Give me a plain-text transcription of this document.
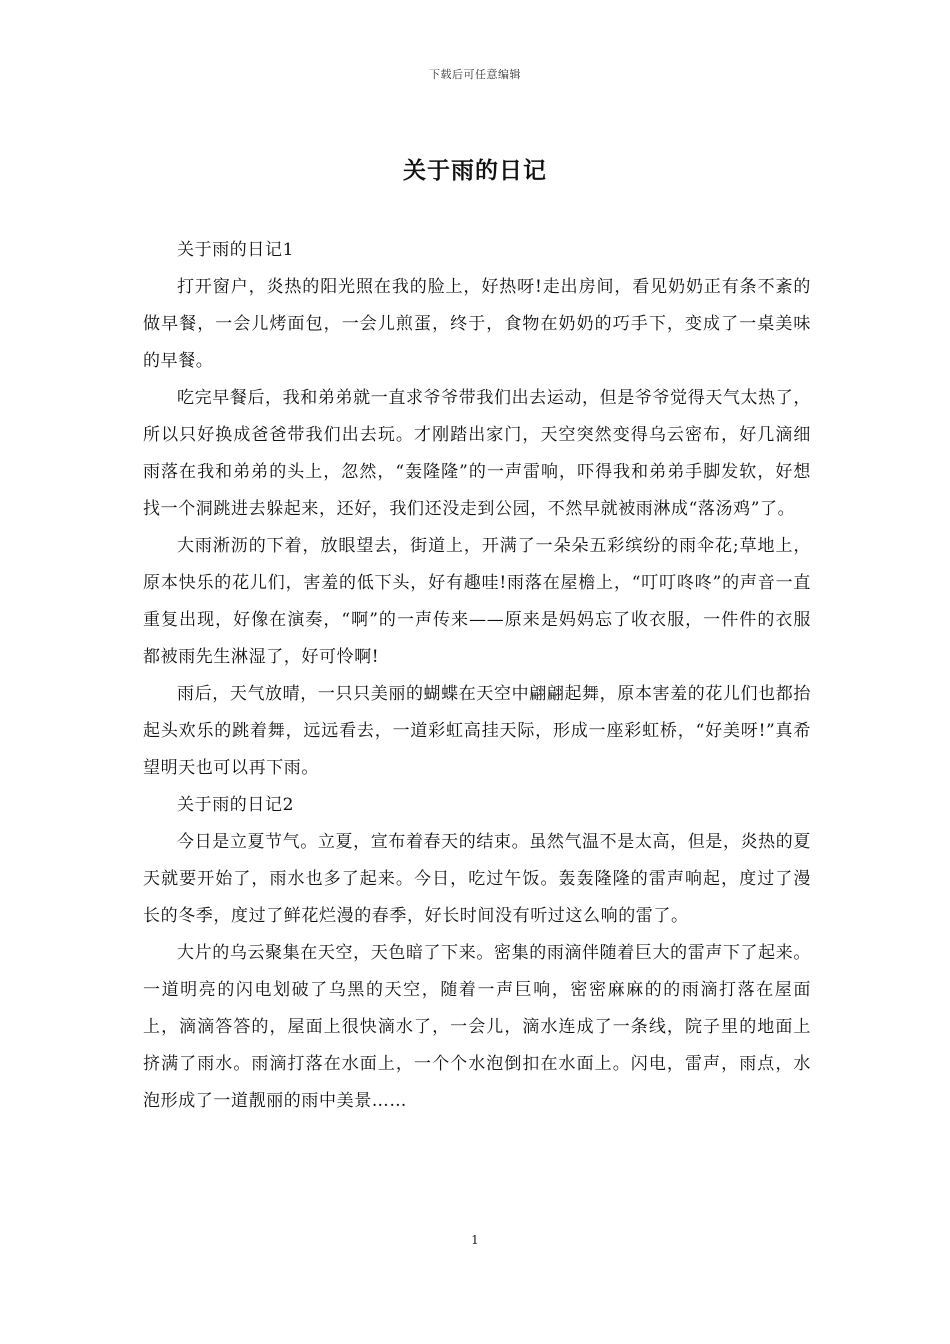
下载后可任意编辑
关于雨的日记

关于雨的日记1

打开窗户，炎热的阳光照在我的脸上，好热呀!走出房间，看见奶奶正有条不紊的做早餐，一会儿烤面包，一会儿煎蛋，终于，食物在奶奶的巧手下，变成了一桌美味的早餐。

吃完早餐后，我和弟弟就一直求爷爷带我们出去运动，但是爷爷觉得天气太热了，所以只好换成爸爸带我们出去玩。才刚踏出家门，天空突然变得乌云密布，好几滴细雨落在我和弟弟的头上，忽然，“轰隆隆”的一声雷响，吓得我和弟弟手脚发软，好想找一个洞跳进去躲起来，还好，我们还没走到公园，不然早就被雨淋成“落汤鸡”了。

大雨淅沥的下着，放眼望去，街道上，开满了一朵朵五彩缤纷的雨伞花;草地上，原本快乐的花儿们，害羞的低下头，好有趣哇!雨落在屋檐上，“叮叮咚咚”的声音一直重复出现，好像在演奏，“啊”的一声传来——原来是妈妈忘了收衣服，一件件的衣服都被雨先生淋湿了，好可怜啊!

雨后，天气放晴，一只只美丽的蝴蝶在天空中翩翩起舞，原本害羞的花儿们也都抬起头欢乐的跳着舞，远远看去，一道彩虹高挂天际，形成一座彩虹桥，“好美呀!”真希望明天也可以再下雨。

关于雨的日记2

今日是立夏节气。立夏，宣布着春天的结束。虽然气温不是太高，但是，炎热的夏天就要开始了，雨水也多了起来。今日，吃过午饭。轰轰隆隆的雷声响起，度过了漫长的冬季，度过了鲜花烂漫的春季，好长时间没有听过这么响的雷了。

大片的乌云聚集在天空，天色暗了下来。密集的雨滴伴随着巨大的雷声下了起来。一道明亮的闪电划破了乌黑的天空，随着一声巨响，密密麻麻的的雨滴打落在屋面上，滴滴答答的，屋面上很快滴水了，一会儿，滴水连成了一条线，院子里的地面上挤满了雨水。雨滴打落在水面上，一个个水泡倒扣在水面上。闪电，雷声，雨点，水泡形成了一道靓丽的雨中美景……

1
